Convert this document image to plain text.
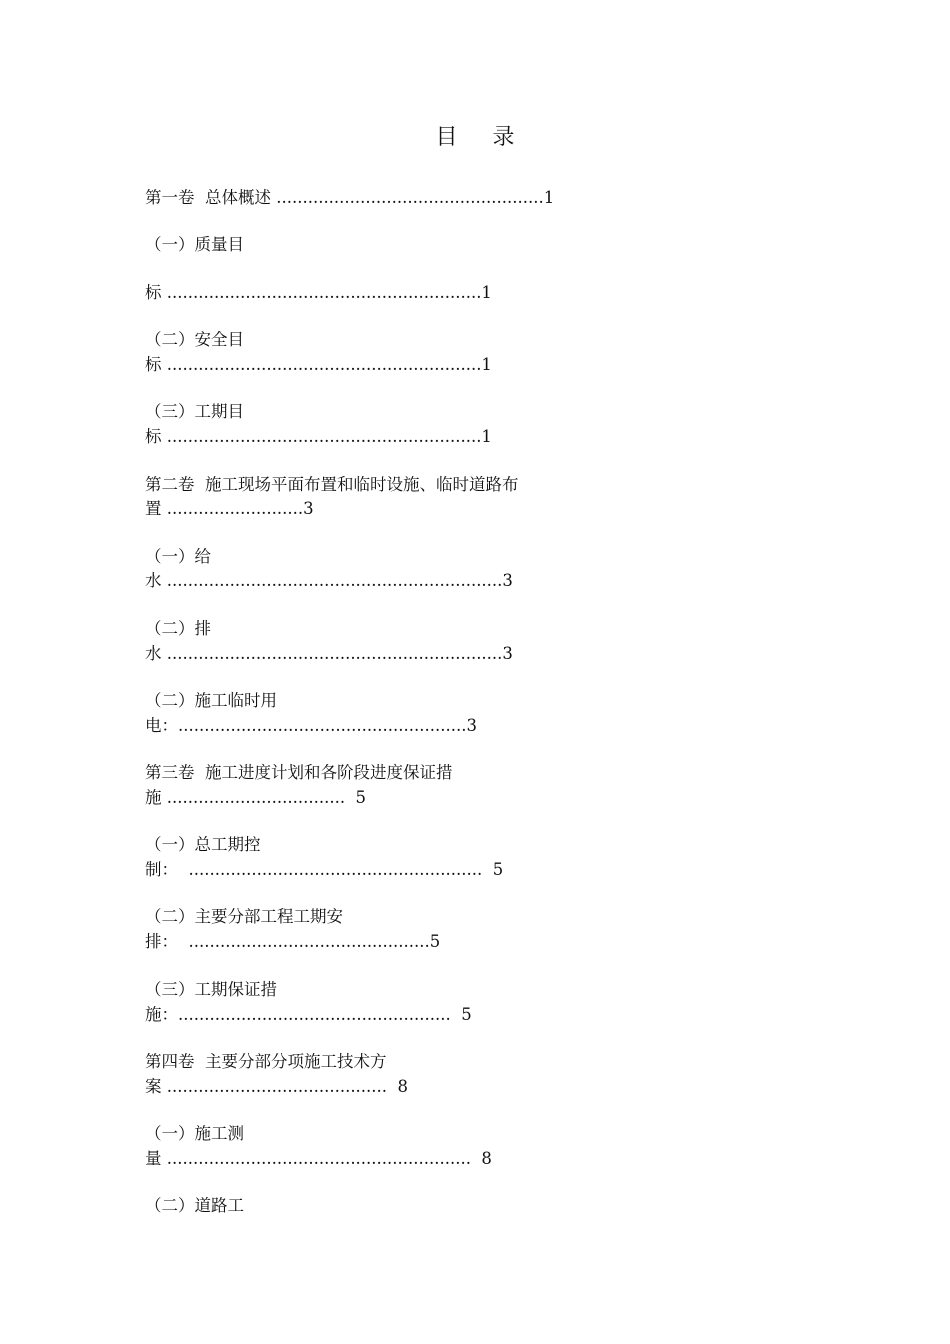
目 录
第一卷  总体概述 ...................................................1
（一）质量目
标 ............................................................1
（二）安全目
标 ............................................................1
（三）工期目
标 ............................................................1
第二卷  施工现场平面布置和临时设施、临时道路布
置 ..........................3
（一）给
水 ................................................................3
（二）排
水 ................................................................3
（二）施工临时用
电：.......................................................3
第三卷  施工进度计划和各阶段进度保证措
施 ..................................  5
（一）总工期控
制：  ........................................................  5
（二）主要分部工程工期安
排：  ..............................................5
（三）工期保证措
施：....................................................  5
第四卷  主要分部分项施工技术方
案 ..........................................  8
（一）施工测
量 ..........................................................  8
（二）道路工
